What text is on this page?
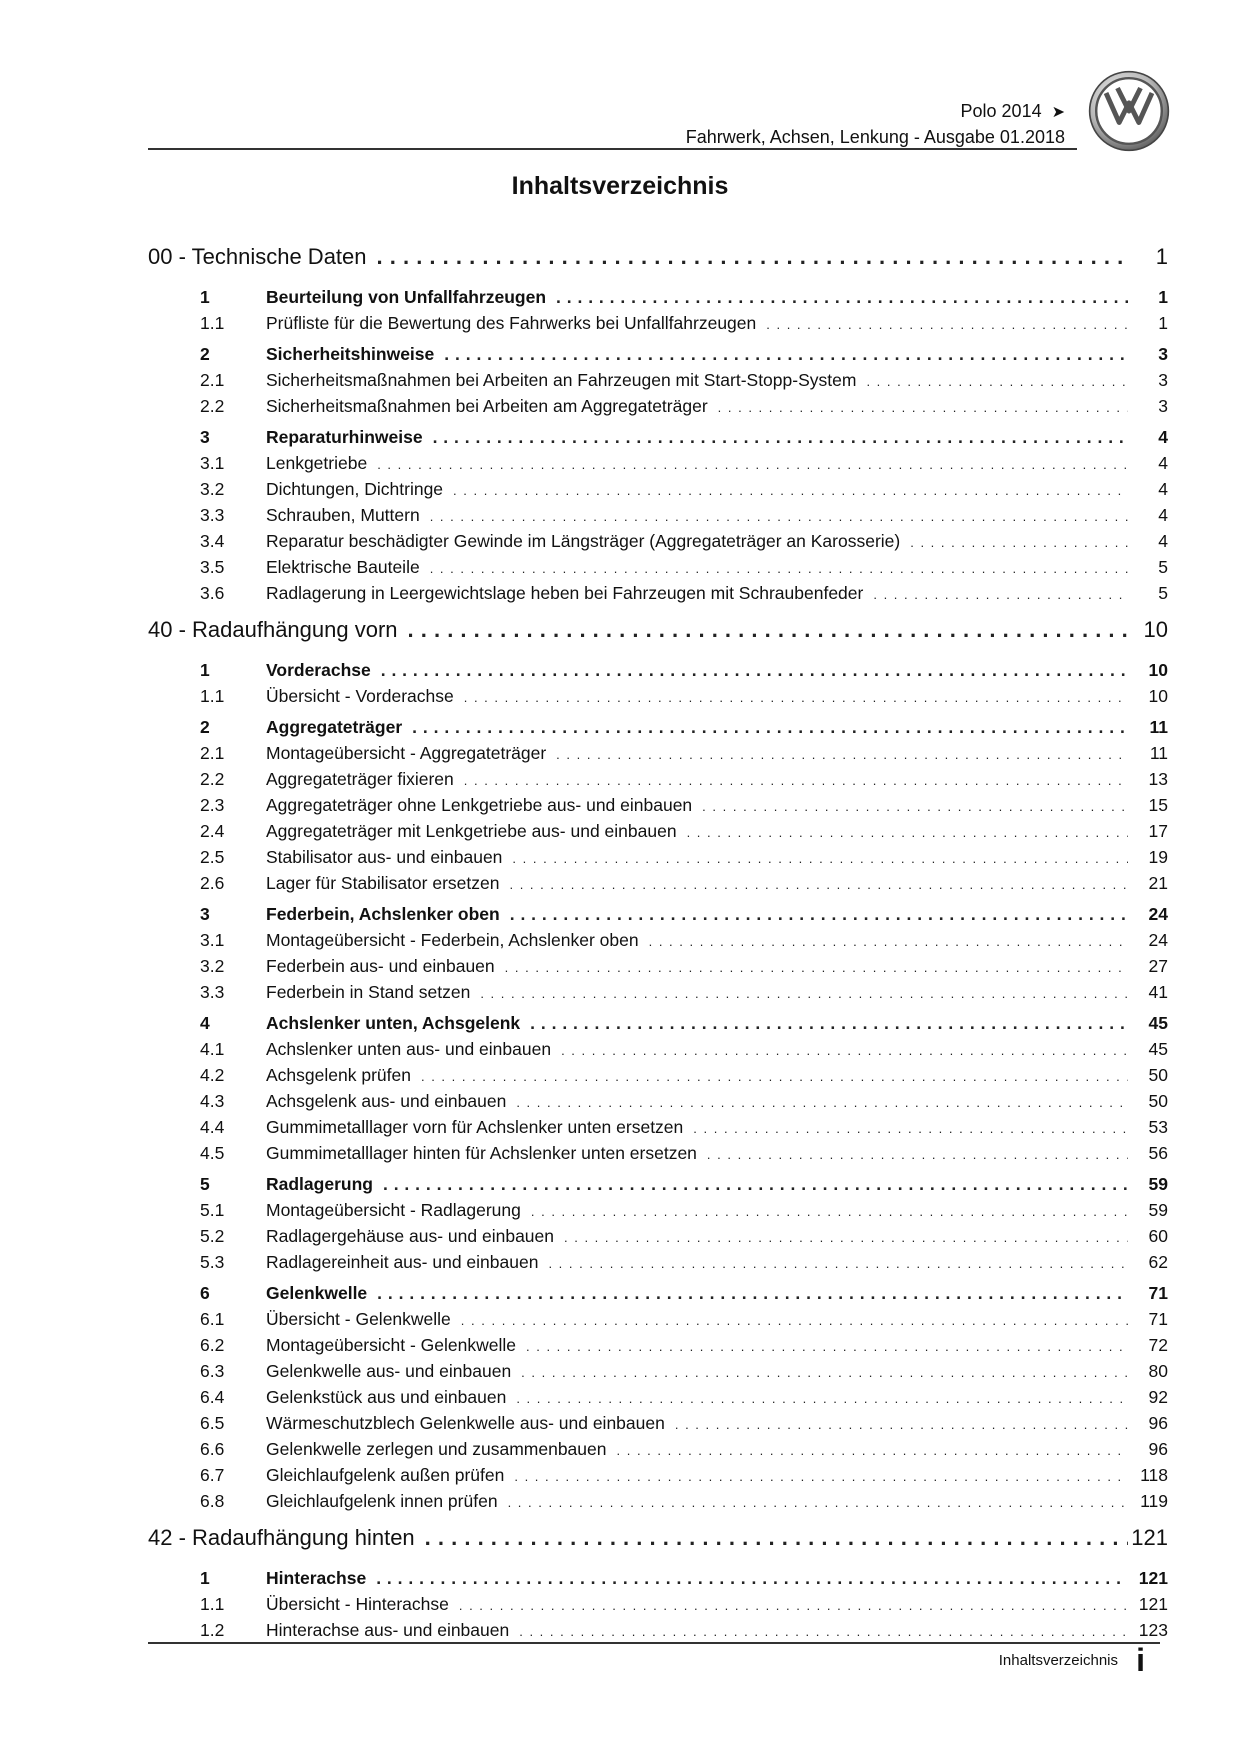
Polo 2014 ➤
Fahrwerk, Achsen, Lenkung - Ausgabe 01.2018
Inhaltsverzeichnis
00 - Technische Daten . . .	1
1	Beurteilung von Unfallfahrzeugen . . .	1
1.1	Prüfliste für die Bewertung des Fahrwerks bei Unfallfahrzeugen . . .	1
2	Sicherheitshinweise . . .	3
2.1	Sicherheitsmaßnahmen bei Arbeiten an Fahrzeugen mit Start-Stopp-System . . .	3
2.2	Sicherheitsmaßnahmen bei Arbeiten am Aggregateträger . . .	3
3	Reparaturhinweise . . .	4
3.1	Lenkgetriebe . . .	4
3.2	Dichtungen, Dichtringe . . .	4
3.3	Schrauben, Muttern . . .	4
3.4	Reparatur beschädigter Gewinde im Längsträger (Aggregateträger an Karosserie) . . .	4
3.5	Elektrische Bauteile . . .	5
3.6	Radlagerung in Leergewichtslage heben bei Fahrzeugen mit Schraubenfeder . . .	5
40 - Radaufhängung vorn . . .	10
1	Vorderachse . . .	10
1.1	Übersicht - Vorderachse . . .	10
2	Aggregateträger . . .	11
2.1	Montageübersicht - Aggregateträger . . .	11
2.2	Aggregateträger fixieren . . .	13
2.3	Aggregateträger ohne Lenkgetriebe aus- und einbauen . . .	15
2.4	Aggregateträger mit Lenkgetriebe aus- und einbauen . . .	17
2.5	Stabilisator aus- und einbauen . . .	19
2.6	Lager für Stabilisator ersetzen . . .	21
3	Federbein, Achslenker oben . . .	24
3.1	Montageübersicht - Federbein, Achslenker oben . . .	24
3.2	Federbein aus- und einbauen . . .	27
3.3	Federbein in Stand setzen . . .	41
4	Achslenker unten, Achsgelenk . . .	45
4.1	Achslenker unten aus- und einbauen . . .	45
4.2	Achsgelenk prüfen . . .	50
4.3	Achsgelenk aus- und einbauen . . .	50
4.4	Gummimetalllager vorn für Achslenker unten ersetzen . . .	53
4.5	Gummimetalllager hinten für Achslenker unten ersetzen . . .	56
5	Radlagerung . . .	59
5.1	Montageübersicht - Radlagerung . . .	59
5.2	Radlagergehäuse aus- und einbauen . . .	60
5.3	Radlagereinheit aus- und einbauen . . .	62
6	Gelenkwelle . . .	71
6.1	Übersicht - Gelenkwelle . . .	71
6.2	Montageübersicht - Gelenkwelle . . .	72
6.3	Gelenkwelle aus- und einbauen . . .	80
6.4	Gelenkstück aus und einbauen . . .	92
6.5	Wärmeschutzblech Gelenkwelle aus- und einbauen . . .	96
6.6	Gelenkwelle zerlegen und zusammenbauen . . .	96
6.7	Gleichlaufgelenk außen prüfen . . .	118
6.8	Gleichlaufgelenk innen prüfen . . .	119
42 - Radaufhängung hinten . . .	121
1	Hinterachse . . .	121
1.1	Übersicht - Hinterachse . . .	121
1.2	Hinterachse aus- und einbauen . . .	123
Inhaltsverzeichnis i
